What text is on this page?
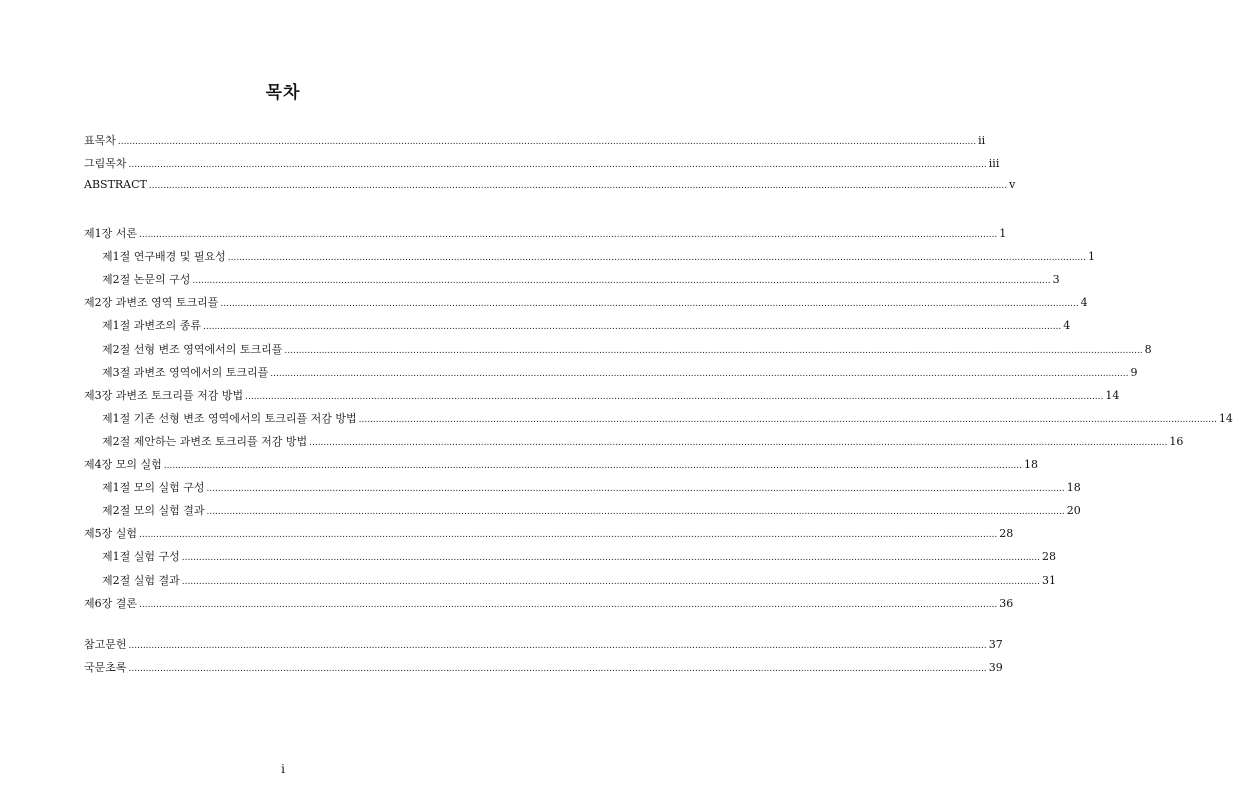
목차
표목차 ............................................................................................................................................................................................................................................................................................................ ii
그림목차 ............................................................................................................................................................................................................................................................................................................ iii
ABSTRACT ............................................................................................................................................................................................................................................................................................................ v
제1장 서론 ............................................................................................................................................................................................................................................................................................................ 1
제1절 연구배경 및 필요성 ............................................................................................................................................................................................................................................................................................................ 1
제2절 논문의 구성 ............................................................................................................................................................................................................................................................................................................ 3
제2장 과변조 영역 토크리플 ............................................................................................................................................................................................................................................................................................................ 4
제1절 과변조의 종류 ............................................................................................................................................................................................................................................................................................................ 4
제2절 선형 변조 영역에서의 토크리플 ............................................................................................................................................................................................................................................................................................................ 8
제3절 과변조 영역에서의 토크리플 ............................................................................................................................................................................................................................................................................................................ 9
제3장 과변조 토크리플 저감 방법 ............................................................................................................................................................................................................................................................................................................ 14
제1절 기존 선형 변조 영역에서의 토크리플 저감 방법 ............................................................................................................................................................................................................................................................................................................ 14
제2절 제안하는 과변조 토크리플 저감 방법 ............................................................................................................................................................................................................................................................................................................ 16
제4장 모의 실험 ............................................................................................................................................................................................................................................................................................................ 18
제1절 모의 실험 구성 ............................................................................................................................................................................................................................................................................................................ 18
제2절 모의 실험 결과 ............................................................................................................................................................................................................................................................................................................ 20
제5장 실험 ............................................................................................................................................................................................................................................................................................................ 28
제1절 실험 구성 ............................................................................................................................................................................................................................................................................................................ 28
제2절 실험 결과 ............................................................................................................................................................................................................................................................................................................ 31
제6장 결론 ............................................................................................................................................................................................................................................................................................................ 36
참고문헌 ............................................................................................................................................................................................................................................................................................................ 37
국문초록 ............................................................................................................................................................................................................................................................................................................ 39
i
